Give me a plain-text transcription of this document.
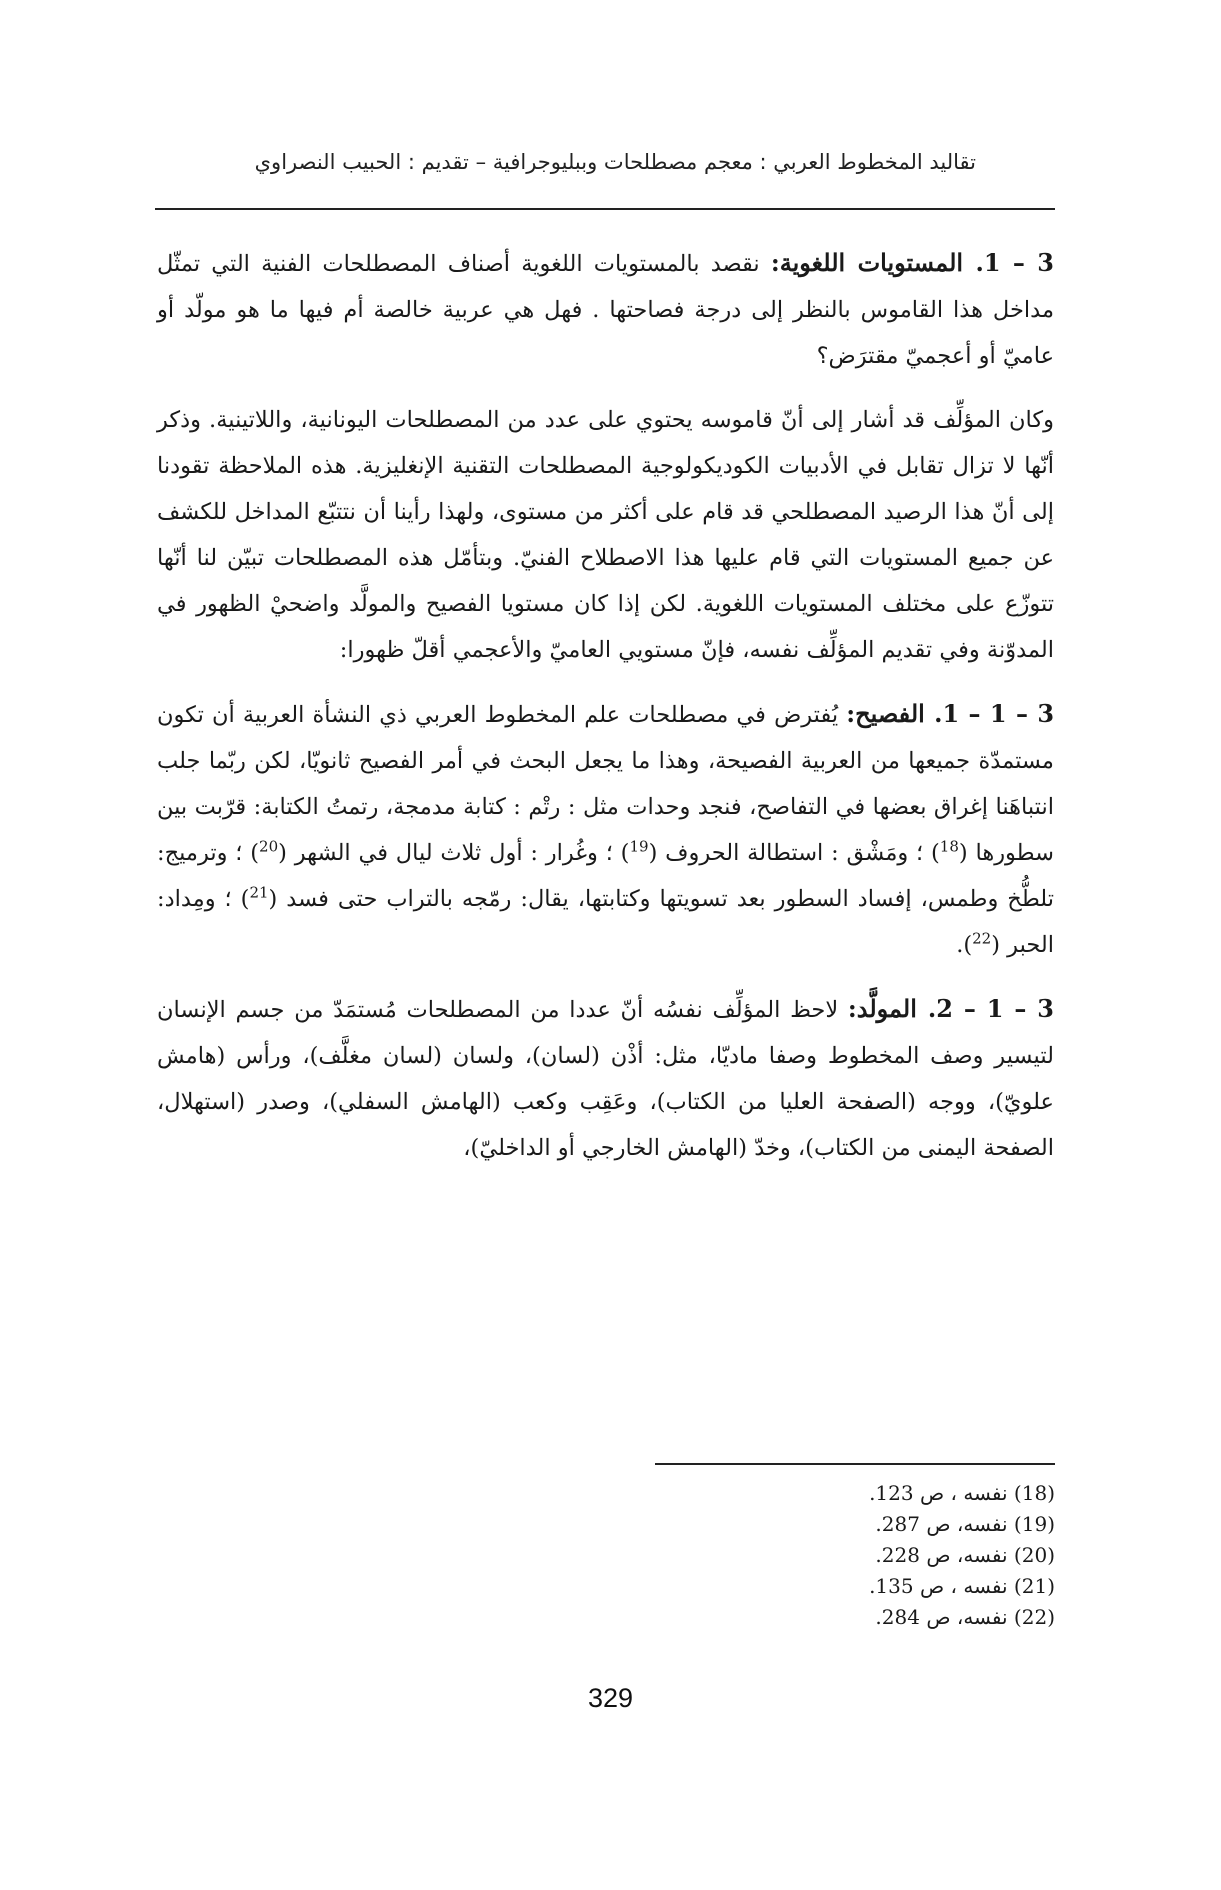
تقاليد المخطوط العربي : معجم مصطلحات وببليوجرافية – تقديم : الحبيب النصراوي

3 – 1. المستويات اللغوية: نقصد بالمستويات اللغوية أصناف المصطلحات الفنية التي تمثّل مداخل هذا القاموس بالنظر إلى درجة فصاحتها . فهل هي عربية خالصة أم فيها ما هو مولّد أو عاميّ أو أعجميّ مقترَض؟

وكان المؤلِّف قد أشار إلى أنّ قاموسه يحتوي على عدد من المصطلحات اليونانية، واللاتينية. وذكر أنّها لا تزال تقابل في الأدبيات الكوديكولوجية المصطلحات التقنية الإنغليزية. هذه الملاحظة تقودنا إلى أنّ هذا الرصيد المصطلحي قد قام على أكثر من مستوى، ولهذا رأينا أن نتتبّع المداخل للكشف عن جميع المستويات التي قام عليها هذا الاصطلاح الفنيّ. وبتأمّل هذه المصطلحات تبيّن لنا أنّها تتوزّع على مختلف المستويات اللغوية. لكن إذا كان مستويا الفصيح والمولَّد واضحيْ الظهور في المدوّنة وفي تقديم المؤلِّف نفسه، فإنّ مستويي العاميّ والأعجمي أقلّ ظهورا:

3 – 1 – 1. الفصيح: يُفترض في مصطلحات علم المخطوط العربي ذي النشأة العربية أن تكون مستمدّة جميعها من العربية الفصيحة، وهذا ما يجعل البحث في أمر الفصيح ثانويّا، لكن ربّما جلب انتباهَنا إغراق بعضها في التفاصح، فنجد وحدات مثل : رتْم : كتابة مدمجة، رتمتُ الكتابة: قرّبت بين سطورها ($^{18}$) ؛ ومَشْق : استطالة الحروف ($^{19}$) ؛ وغُرار : أول ثلاث ليال في الشهر ($^{20}$) ؛ وترميج: تلطُّخ وطمس، إفساد السطور بعد تسويتها وكتابتها، يقال: رمّجه بالتراب حتى فسد ($^{21}$) ؛ ومِداد: الحبر ($^{22}$).

3 – 1 – 2. المولَّد: لاحظ المؤلِّف نفسُه أنّ عددا من المصطلحات مُستمَدّ من جسم الإنسان لتيسير وصف المخطوط وصفا ماديّا، مثل: أذْن (لسان)، ولسان (لسان مغلَّف)، ورأس (هامش علويّ)، ووجه (الصفحة العليا من الكتاب)، وعَقِب وكعب (الهامش السفلي)، وصدر (استهلال، الصفحة اليمنى من الكتاب)، وخدّ (الهامش الخارجي أو الداخليّ)،

(18) نفسه ، ص 123.
(19) نفسه، ص 287.
(20) نفسه، ص 228.
(21) نفسه ، ص 135.
(22) نفسه، ص 284.
329
